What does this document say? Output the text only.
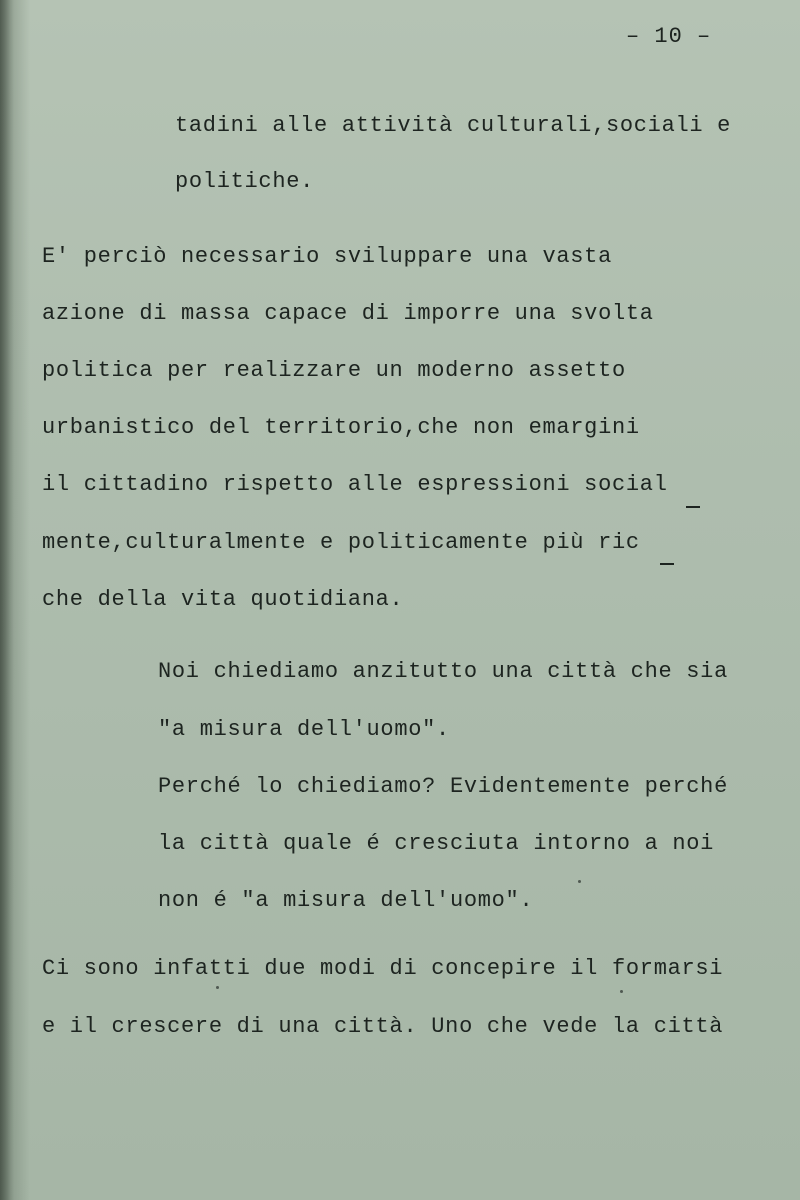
– 10 –
tadini alle attività culturali,sociali e
politiche.
E' perciò necessario sviluppare una vasta
azione di massa capace di imporre una svolta
politica per realizzare un moderno assetto
urbanistico del territorio,che non emargini
il cittadino rispetto alle espressioni social
mente,culturalmente e politicamente più ric
che della vita quotidiana.
Noi chiediamo anzitutto una città che sia
"a misura dell'uomo".
Perché lo chiediamo? Evidentemente perché
la città quale é cresciuta intorno a noi
non é "a misura dell'uomo".
Ci sono infatti due modi di concepire il formarsi
e il crescere di una città. Uno che vede la città
